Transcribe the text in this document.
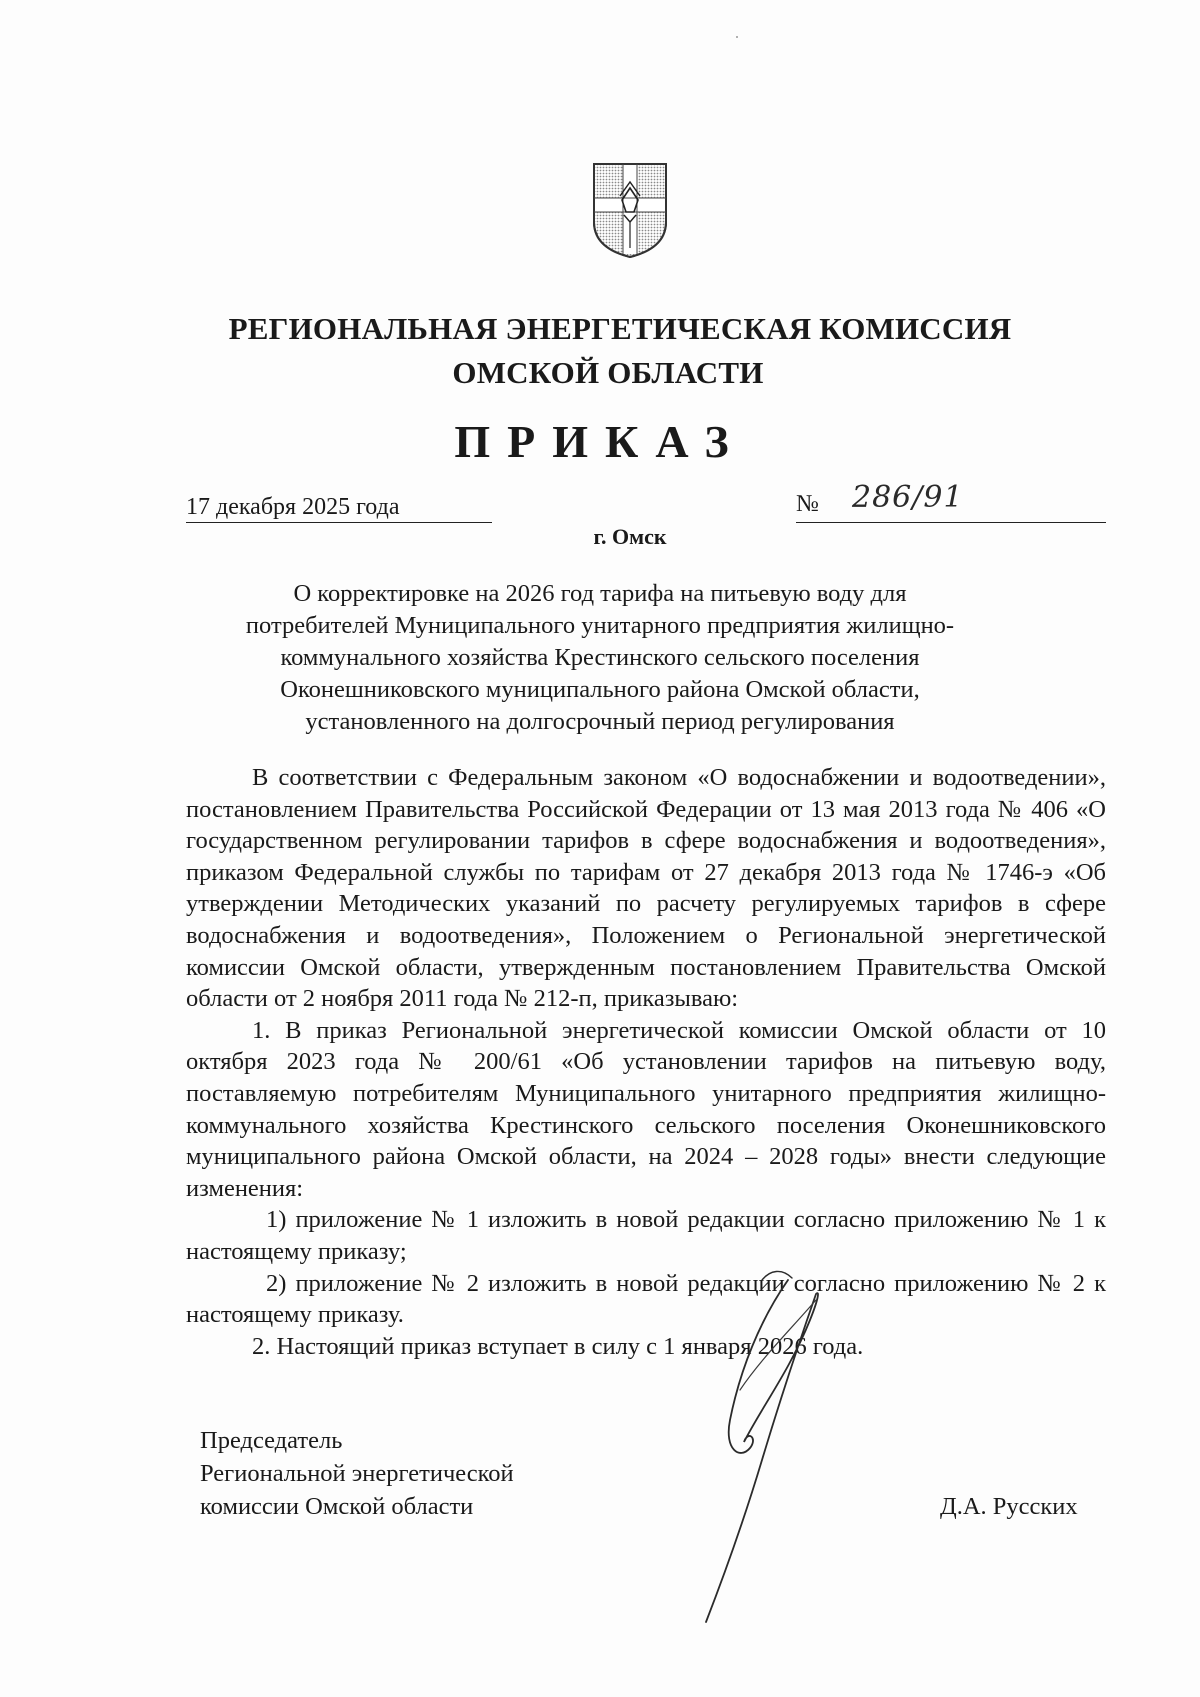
РЕГИОНАЛЬНАЯ ЭНЕРГЕТИЧЕСКАЯ КОМИССИЯ
ОМСКОЙ ОБЛАСТИ
ПРИКАЗ
17 декабря 2025 года	№ 286/91
г. Омск
О корректировке на 2026 год тарифа на питьевую воду для
потребителей Муниципального унитарного предприятия жилищно-
коммунального хозяйства Крестинского сельского поселения
Оконешниковского муниципального района Омской области,
установленного на долгосрочный период регулирования

В соответствии с Федеральным законом «О водоснабжении и водоотведении», постановлением Правительства Российской Федерации от 13 мая 2013 года № 406 «О государственном регулировании тарифов в сфере водоснабжения и водоотведения», приказом Федеральной службы по тарифам от 27 декабря 2013 года № 1746-э «Об утверждении Методических указаний по расчету регулируемых тарифов в сфере водоснабжения и водоотведения», Положением о Региональной энергетической комиссии Омской области, утвержденным постановлением Правительства Омской области от 2 ноября 2011 года № 212-п, приказываю:

1. В приказ Региональной энергетической комиссии Омской области от 10 октября 2023 года № 200/61 «Об установлении тарифов на питьевую воду, поставляемую потребителям Муниципального унитарного предприятия жилищно-коммунального хозяйства Крестинского сельского поселения Оконешниковского муниципального района Омской области, на 2024 – 2028 годы» внести следующие изменения:

1) приложение № 1 изложить в новой редакции согласно приложению № 1 к настоящему приказу;

2) приложение № 2 изложить в новой редакции согласно приложению № 2 к настоящему приказу.

2. Настоящий приказ вступает в силу с 1 января 2026 года.

Председатель
Региональной энергетической
комиссии Омской области	Д.А. Русских
